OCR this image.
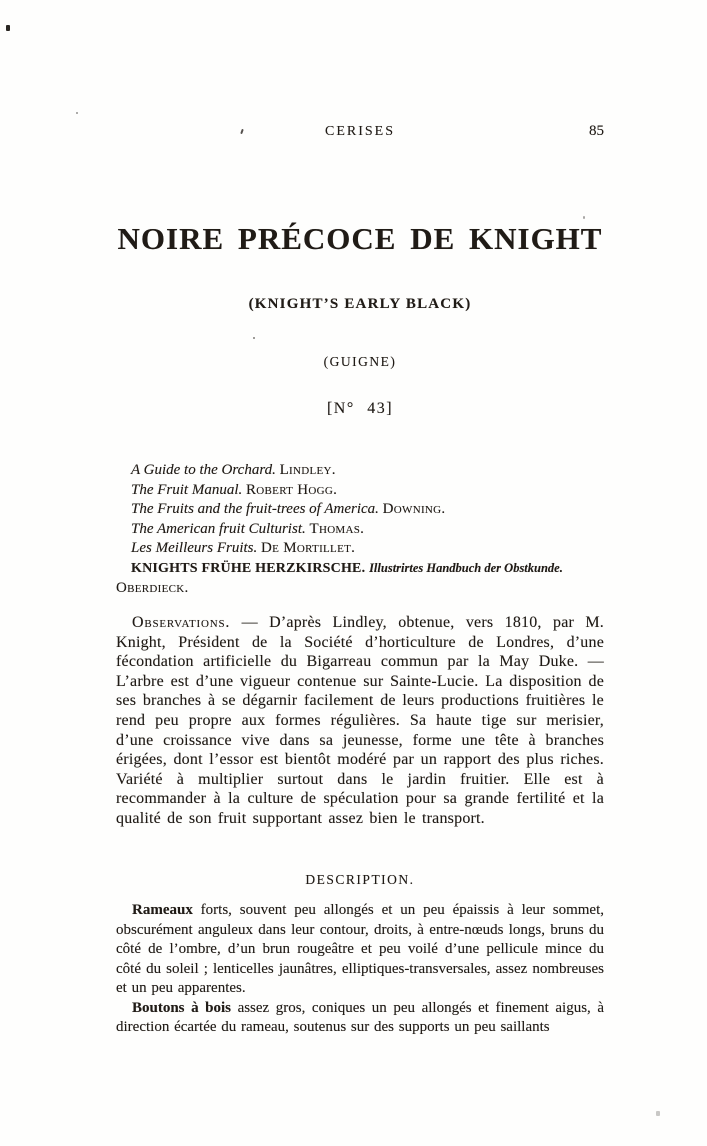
CERISES	85
NOIRE PRÉCOCE DE KNIGHT
(KNIGHT’S EARLY BLACK)
(GUIGNE)
[N° 43]

A Guide to the Orchard. Lindley.

The Fruit Manual. Robert Hogg.

The Fruits and the fruit-trees of America. Downing.

The American fruit Culturist. Thomas.

Les Meilleurs Fruits. De Mortillet.

KNIGHTS FRÜHE HERZKIRSCHE. Illustrirtes Handbuch der Obstkunde.
Oberdieck.

Observations. — D’après Lindley, obtenue, vers 1810, par M. Knight, Président de la Société d’horticulture de Londres, d’une fécondation artificielle du Bigarreau commun par la May Duke. — L’arbre est d’une vigueur contenue sur Sainte-Lucie. La disposition de ses branches à se dégarnir facilement de leurs productions fruitières le rend peu propre aux formes régulières. Sa haute tige sur merisier, d’une croissance vive dans sa jeunesse, forme une tête à branches érigées, dont l’essor est bientôt modéré par un rapport des plus riches. Variété à multiplier surtout dans le jardin fruitier. Elle est à recommander à la culture de spéculation pour sa grande fertilité et la qualité de son fruit supportant assez bien le transport.

DESCRIPTION.

Rameaux forts, souvent peu allongés et un peu épaissis à leur sommet, obscurément anguleux dans leur contour, droits, à entre-nœuds longs, bruns du côté de l’ombre, d’un brun rougeâtre et peu voilé d’une pellicule mince du côté du soleil ; lenticelles jaunâtres, elliptiques-transversales, assez nombreuses et un peu apparentes.

Boutons à bois assez gros, coniques un peu allongés et finement aigus, à direction écartée du rameau, soutenus sur des supports un peu saillants
